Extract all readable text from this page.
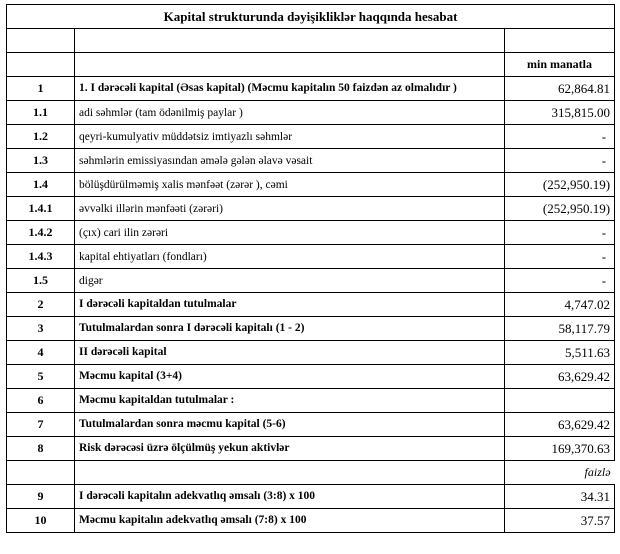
Kapital strukturunda dəyişikliklər haqqında hesabat		

		min manatla
1	1. I dərəcəli kapital (Əsas kapital) (Məcmu kapitalın 50 faizdən az olmalıdır )	62,864.81
1.1	adi səhmlər (tam ödənilmiş paylar )	315,815.00
1.2	qeyri-kumulyativ müddətsiz imtiyazlı səhmlər	-
1.3	səhmlərin emissiyasından əmələ gələn əlavə vəsait	-
1.4	bölüşdürülməmiş xalis mənfəət (zərər ), cəmi	(252,950.19)
1.4.1	əvvəlki illərin mənfəəti (zərəri)	(252,950.19)
1.4.2	(çıx) cari ilin zərəri	-
1.4.3	kapital ehtiyatları (fondları)	-
1.5	digər	-
2	I dərəcəli kapitaldan tutulmalar	4,747.02
3	Tutulmalardan sonra I dərəcəli kapitalı (1 - 2)	58,117.79
4	II dərəcəli kapital	5,511.63
5	Məcmu kapital (3+4)	63,629.42
6	Məcmu kapitaldan tutulmalar :	
7	Tutulmalardan sonra məcmu kapital (5-6)	63,629.42
8	Risk dərəcəsi üzrə ölçülmüş yekun aktivlər	169,370.63
		faizlə
9	I dərəcəli kapitalın adekvatlıq əmsalı (3:8) x 100	34.31
10	Məcmu kapitalın adekvatlıq əmsalı (7:8) x 100	37.57
